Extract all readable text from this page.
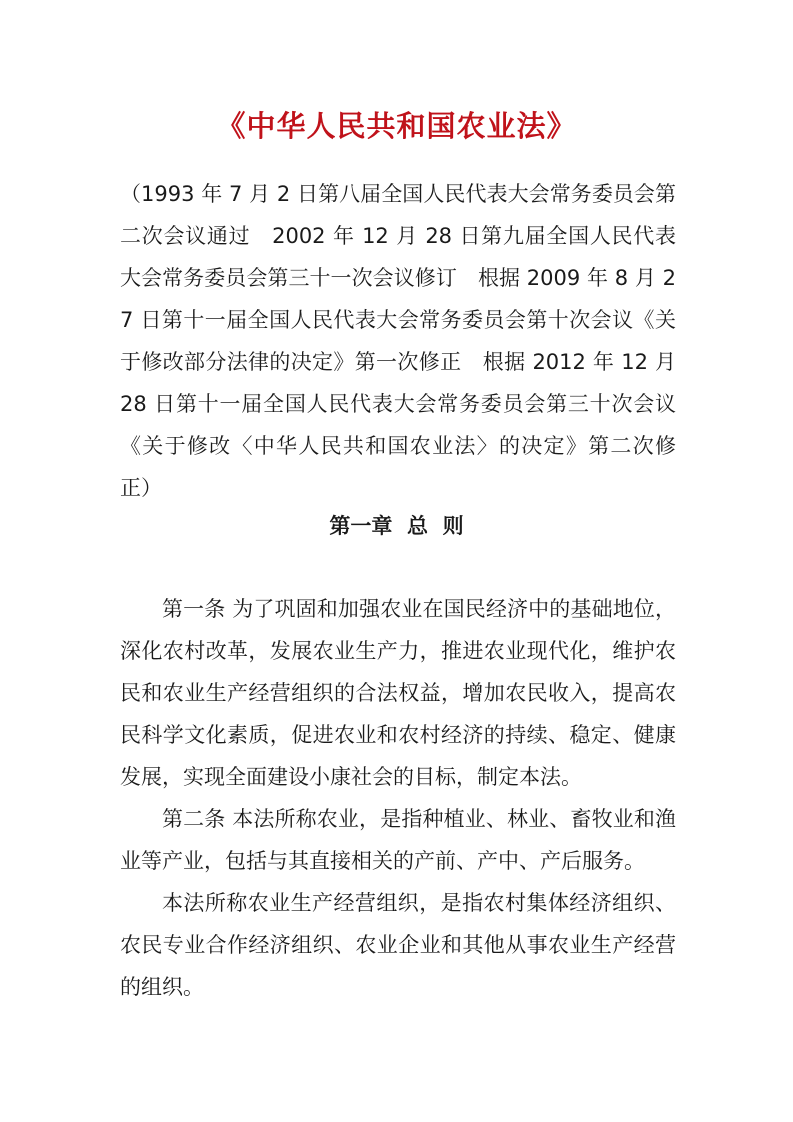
《中华人民共和国农业法》
（1993 年 7 月 2 日第八届全国人民代表大会常务委员会第二次会议通过　2002 年 12 月 28 日第九届全国人民代表大会常务委员会第三十一次会议修订　根据 2009 年 8 月 27 日第十一届全国人民代表大会常务委员会第十次会议《关于修改部分法律的决定》第一次修正　根据 2012 年 12 月 28 日第十一届全国人民代表大会常务委员会第三十次会议《关于修改〈中华人民共和国农业法〉的决定》第二次修正）
第一章  总  则

第一条 为了巩固和加强农业在国民经济中的基础地位，深化农村改革，发展农业生产力，推进农业现代化，维护农民和农业生产经营组织的合法权益，增加农民收入，提高农民科学文化素质，促进农业和农村经济的持续、稳定、健康发展，实现全面建设小康社会的目标，制定本法。

第二条 本法所称农业，是指种植业、林业、畜牧业和渔业等产业，包括与其直接相关的产前、产中、产后服务。

本法所称农业生产经营组织，是指农村集体经济组织、农民专业合作经济组织、农业企业和其他从事农业生产经营的组织。
